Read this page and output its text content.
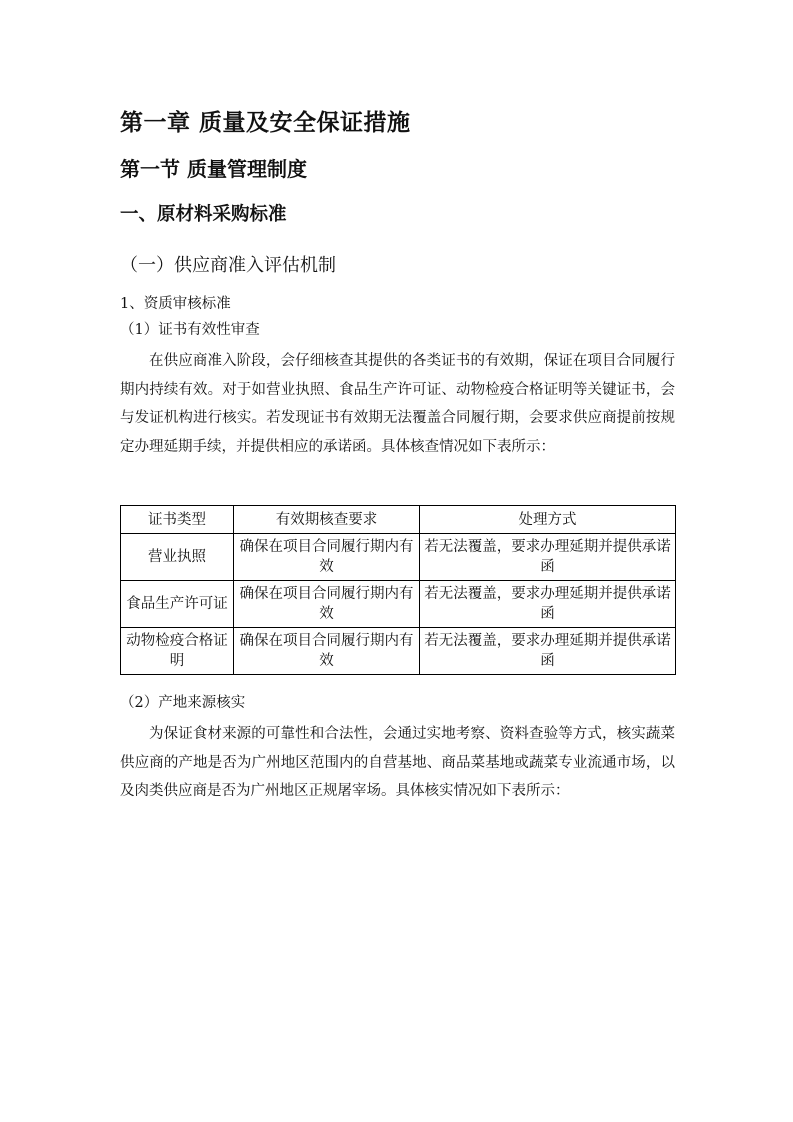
第一章 质量及安全保证措施
第一节 质量管理制度
一、原材料采购标准
（一）供应商准入评估机制
1、资质审核标准
（1）证书有效性审查

在供应商准入阶段，会仔细核查其提供的各类证书的有效期，保证在项目合同履行期内持续有效。对于如营业执照、食品生产许可证、动物检疫合格证明等关键证书，会与发证机构进行核实。若发现证书有效期无法覆盖合同履行期，会要求供应商提前按规定办理延期手续，并提供相应的承诺函。具体核查情况如下表所示：

证书类型	有效期核查要求	处理方式
营业执照	确保在项目合同履行期内有效	若无法覆盖，要求办理延期并提供承诺函
食品生产许可证	确保在项目合同履行期内有效	若无法覆盖，要求办理延期并提供承诺函
动物检疫合格证明	确保在项目合同履行期内有效	若无法覆盖，要求办理延期并提供承诺函
（2）产地来源核实

为保证食材来源的可靠性和合法性，会通过实地考察、资料查验等方式，核实蔬菜供应商的产地是否为广州地区范围内的自营基地、商品菜基地或蔬菜专业流通市场，以及肉类供应商是否为广州地区正规屠宰场。具体核实情况如下表所示：
